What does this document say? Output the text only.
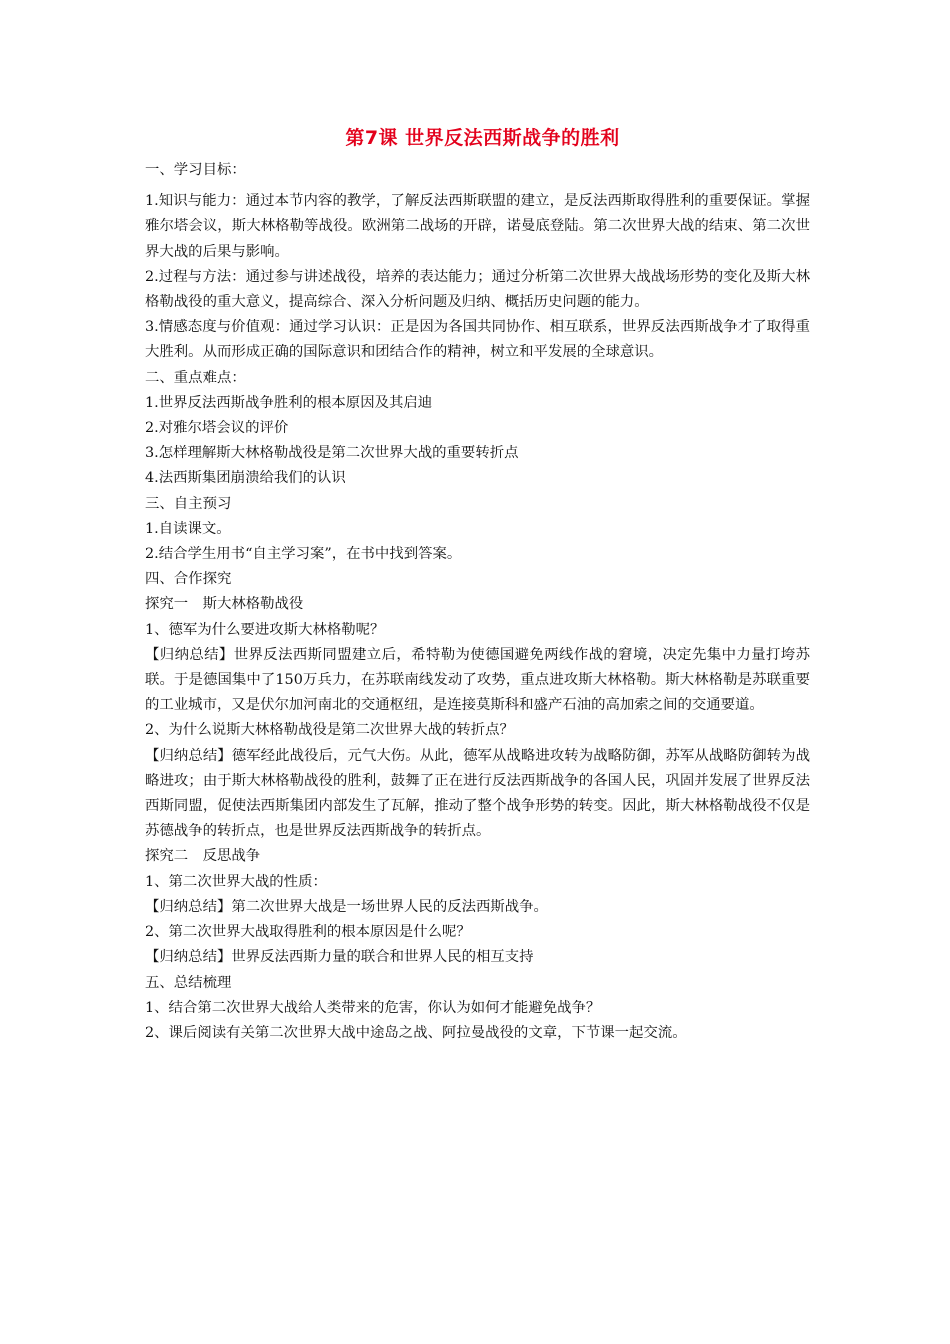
第7课 世界反法西斯战争的胜利

一、学习目标：

1.知识与能力：通过本节内容的教学，了解反法西斯联盟的建立，是反法西斯取得胜利的重要保证。掌握雅尔塔会议，斯大林格勒等战役。欧洲第二战场的开辟，诺曼底登陆。第二次世界大战的结束、第二次世界大战的后果与影响。

2.过程与方法：通过参与讲述战役，培养的表达能力；通过分析第二次世界大战战场形势的变化及斯大林格勒战役的重大意义，提高综合、深入分析问题及归纳、概括历史问题的能力。

3.情感态度与价值观：通过学习认识：正是因为各国共同协作、相互联系，世界反法西斯战争才了取得重大胜利。从而形成正确的国际意识和团结合作的精神，树立和平发展的全球意识。

二、重点难点：

1.世界反法西斯战争胜利的根本原因及其启迪

2.对雅尔塔会议的评价

3.怎样理解斯大林格勒战役是第二次世界大战的重要转折点

4.法西斯集团崩溃给我们的认识

三、自主预习

1.自读课文。

2.结合学生用书“自主学习案”，在书中找到答案。

四、合作探究

探究一　斯大林格勒战役

1、德军为什么要进攻斯大林格勒呢？

【归纳总结】世界反法西斯同盟建立后，希特勒为使德国避免两线作战的窘境，决定先集中力量打垮苏联。于是德国集中了150万兵力，在苏联南线发动了攻势，重点进攻斯大林格勒。斯大林格勒是苏联重要的工业城市，又是伏尔加河南北的交通枢纽，是连接莫斯科和盛产石油的高加索之间的交通要道。

2、为什么说斯大林格勒战役是第二次世界大战的转折点？

【归纳总结】德军经此战役后，元气大伤。从此，德军从战略进攻转为战略防御，苏军从战略防御转为战略进攻；由于斯大林格勒战役的胜利，鼓舞了正在进行反法西斯战争的各国人民，巩固并发展了世界反法西斯同盟，促使法西斯集团内部发生了瓦解，推动了整个战争形势的转变。因此，斯大林格勒战役不仅是苏德战争的转折点，也是世界反法西斯战争的转折点。

探究二　反思战争

1、第二次世界大战的性质：

【归纳总结】第二次世界大战是一场世界人民的反法西斯战争。

2、第二次世界大战取得胜利的根本原因是什么呢？

【归纳总结】世界反法西斯力量的联合和世界人民的相互支持

五、总结梳理

1、结合第二次世界大战给人类带来的危害，你认为如何才能避免战争？

2、课后阅读有关第二次世界大战中途岛之战、阿拉曼战役的文章，下节课一起交流。
